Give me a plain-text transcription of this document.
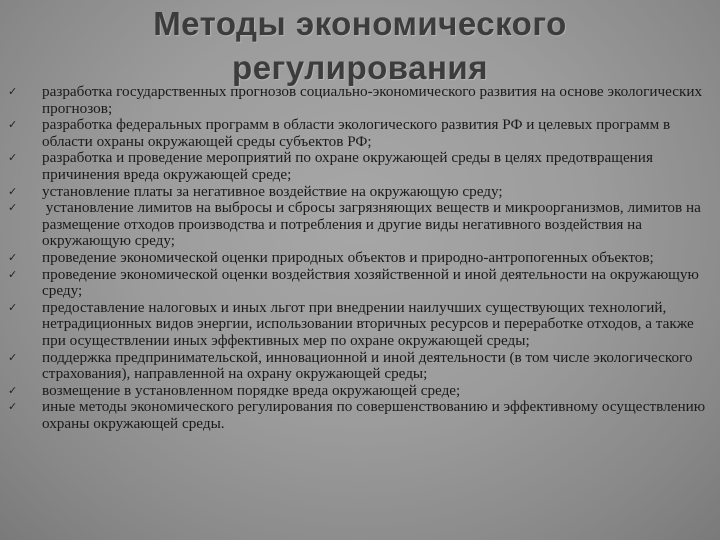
Методы экономического
регулирования
✓ разработка государственных прогнозов социально-экономического развития на основе экологических прогнозов;
✓ разработка федеральных программ в области экологического развития РФ и целевых программ в области охраны окружающей среды субъектов РФ;
✓ разработка и проведение мероприятий по охране окружающей среды в целях предотвращения причинения вреда окружающей среде;
✓ установление платы за негативное воздействие на окружающую среду;
✓ установление лимитов на выбросы и сбросы загрязняющих веществ и микроорганизмов, лимитов на размещение отходов производства и потребления и другие виды негативного воздействия на окружающую среду;
✓ проведение экономической оценки природных объектов и природно-антропогенных объектов;
✓ проведение экономической оценки воздействия хозяйственной и иной деятельности на окружающую среду;
✓ предоставление налоговых и иных льгот при внедрении наилучших существующих технологий, нетрадиционных видов энергии, использовании вторичных ресурсов и переработке отходов, а также при осуществлении иных эффективных мер по охране окружающей среды;
✓ поддержка предпринимательской, инновационной и иной деятельности (в том числе экологического страхования), направленной на охрану окружающей среды;
✓ возмещение в установленном порядке вреда окружающей среде;
✓ иные методы экономического регулирования по совершенствованию и эффективному осуществлению охраны окружающей среды.
